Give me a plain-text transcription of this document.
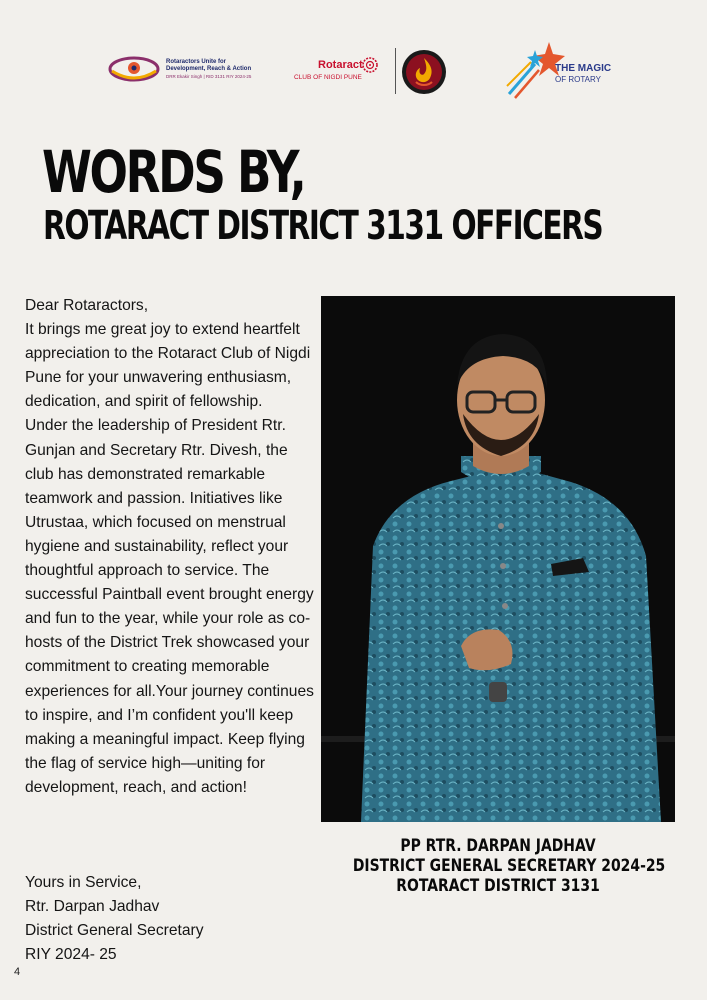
Rotaractors Unite for
Development, Reach & Action
DRR Ekakir Singh | RID 3131 RIY 2024-25
Rotaract
CLUB OF NIGDI PUNE
THE MAGIC
OF ROTARY
WORDS BY,
ROTARACT DISTRICT 3131 OFFICERS

Dear Rotaractors,

It brings me great joy to extend heartfelt appreciation to the Rotaract Club of Nigdi Pune for your unwavering enthusiasm, dedication, and spirit of fellowship.

Under the leadership of President Rtr. Gunjan and Secretary Rtr. Divesh, the club has demonstrated remarkable teamwork and passion. Initiatives like Utrustaa, which focused on menstrual hygiene and sustainability, reflect your thoughtful approach to service. The successful Paintball event brought energy and fun to the year, while your role as co-hosts of the District Trek showcased your commitment to creating memorable experiences for all.Your journey continues to inspire, and I’m confident you'll keep making a meaningful impact. Keep flying the flag of service high—uniting for development, reach, and action!

Yours in Service,

Rtr. Darpan Jadhav

District General Secretary

RIY 2024- 25

PP RTR. DARPAN JADHAV
DISTRICT GENERAL SECRETARY 2024-25
ROTARACT DISTRICT 3131
4
